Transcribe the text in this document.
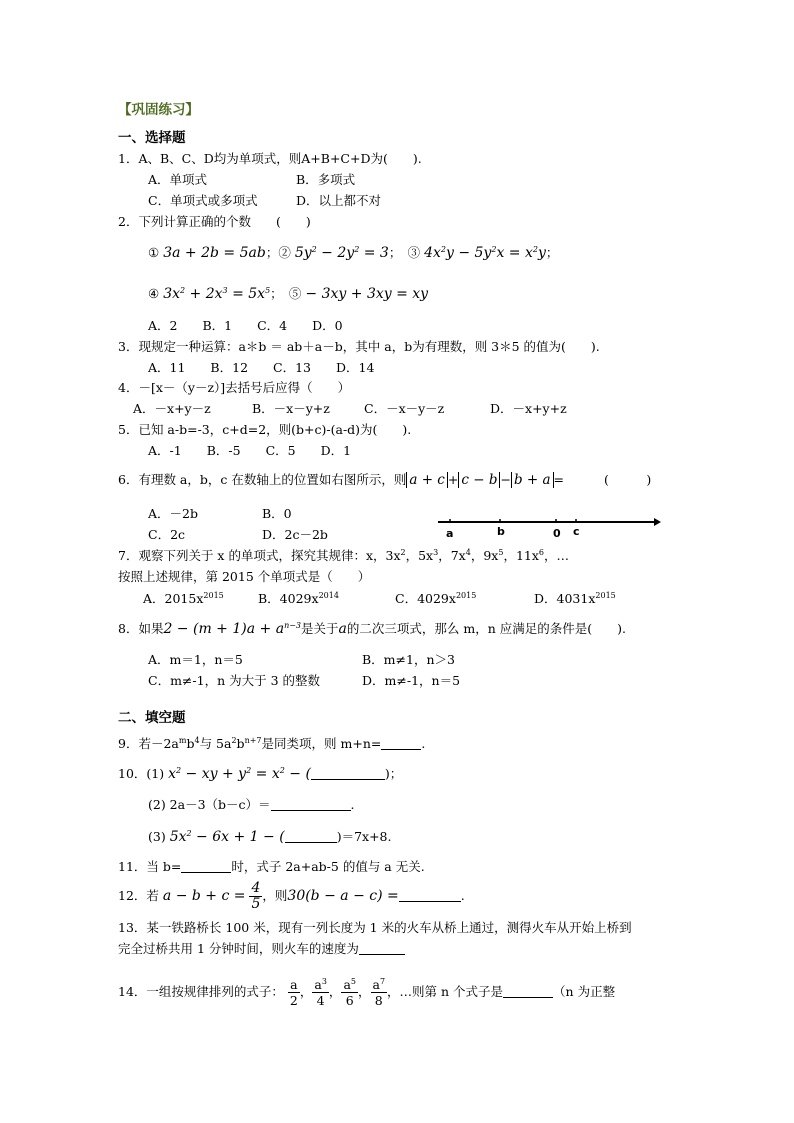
【巩固练习】
一、选择题
1．A、B、C、D均为单项式，则A+B+C+D为(　　).
A．单项式	B．多项式
C．单项式或多项式	D．以上都不对
2．下列计算正确的个数　　(　　)
① 3a + 2b = 5ab；② $5y^2 - 2y^2 = 3$；　③ $4x^2y - 5y^2x = x^2y$；
④ $3x^2 + 2x^3 = 5x^5$；　⑤ − 3xy + 3xy = xy
A．2　　B．1　　C．4　　D．0
3．现规定一种运算：a＊b ＝ ab＋a－b，其中 a，b为有理数，则 3＊5 的值为(　　).
A．11　　B．12　　C．13　　D．14
4．－[x－（y－z）]去括号后应得（　　）
A．－x+y－z	B．－x－y+z	C．－x－y－z	D．－x+y+z
5．已知 a-b=-3，c+d=2，则(b+c)-(a-d)为(　　).
A．-1　　B．-5　　C．5　　D．1
6．有理数 a，b，c 在数轴上的位置如右图所示，则 a + c + c − b − b + a =	(　　　)
A．－2b	B．0
C．2c	D．2c－2b	a	b	0 c
7．观察下列关于 x 的单项式，探究其规律：x，$3x^2$，$5x^3$，$7x^4$，$9x^5$，$11x^6$，…
按照上述规律，第 2015 个单项式是（　　）
A．$2015x^{2015}$	B．$4029x^{2014}$	C．$4029x^{2015}$	D．$4031x^{2015}$
8．如果$2 - (m + 1)a + a^{n-3}$是关于a的二次三项式，那么 m，n 应满足的条件是(　　).
A．m＝1，n＝5	B．m≠1，n＞3
C．m≠-1，n 为大于 3 的整数	D．m≠-1，n＝5
二、填空题
9．若$-2a^mb^4$与 $5a^2b^{n+7}$是同类项，则 m+n=	.
10．(1) $x^2$ − xy + $y^2 = x^2$ − (	)；
(2) 2a－3（b－c）＝	.
(3) $5x^2 - 6x + 1$ − (	)＝7x+8.
11．当 b=	时，式子 2a+ab-5 的值与 a 无关.
12．若 $a - b + c = \frac{4}{5}$ ，则30(b − a − c) =	.
13．某一铁路桥长 100 米，现有一列长度为 1 米的火车从桥上通过，测得火车从开始上桥到
完全过桥共用 1 分钟时间，则火车的速度为
14．一组按规律排列的式子： $\frac{a}{2}$ ， $\frac{a^3}{4}$ ， $\frac{a^5}{6}$ ， $\frac{a^7}{8}$ ，…则第 n 个式子是	（n 为正整
